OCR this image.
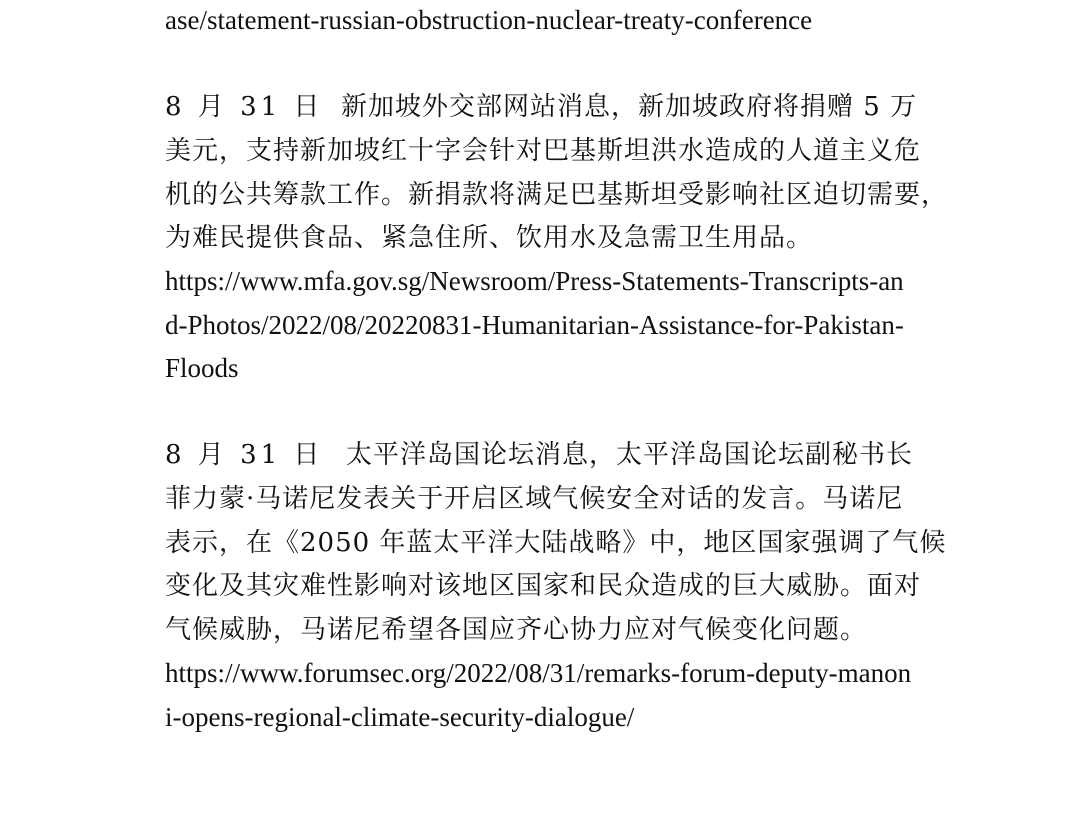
ase/statement-russian-obstruction-nuclear-treaty-conference
8 月 31 日 新加坡外交部网站消息，新加坡政府将捐赠 5 万
美元，支持新加坡红十字会针对巴基斯坦洪水造成的人道主义危
机的公共筹款工作。新捐款将满足巴基斯坦受影响社区迫切需要，
为难民提供食品、紧急住所、饮用水及急需卫生用品。
https://www.mfa.gov.sg/Newsroom/Press-Statements-Transcripts-an
d-Photos/2022/08/20220831-Humanitarian-Assistance-for-Pakistan-
Floods
8 月 31 日 太平洋岛国论坛消息，太平洋岛国论坛副秘书长
菲力蒙·马诺尼发表关于开启区域气候安全对话的发言。马诺尼
表示，在《2050 年蓝太平洋大陆战略》中，地区国家强调了气候
变化及其灾难性影响对该地区国家和民众造成的巨大威胁。面对
气候威胁，马诺尼希望各国应齐心协力应对气候变化问题。
https://www.forumsec.org/2022/08/31/remarks-forum-deputy-manon
i-opens-regional-climate-security-dialogue/
